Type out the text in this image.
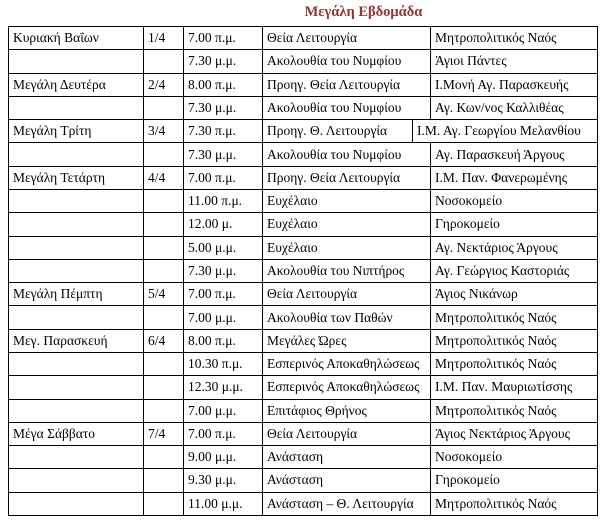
Μεγάλη Εβδομάδα
Κυριακή Βαΐων	1/4	7.00 π.μ.	Θεία Λειτουργία		Μητροπολιτικός Ναός
		7.30 μ.μ.	Ακολουθία του Νυμφίου		Άγιοι Πάντες
Μεγάλη Δευτέρα	2/4	8.00 π.μ.	Προηγ. Θεία Λειτουργία		Ι.Μονή Αγ. Παρασκευής
		7.30 μ.μ.	Ακολουθία του Νυμφίου		Αγ. Κων/νος Καλλιθέας
Μεγάλη Τρίτη	3/4	7.30 π.μ.	Προηγ. Θ. Λειτουργία	Ι.Μ. Αγ. Γεωργίου Μελανθίου	
		7.30 μ.μ.	Ακολουθία του Νυμφίου		Αγ. Παρασκευή Άργους
Μεγάλη Τετάρτη	4/4	7.00 π.μ.	Προηγ. Θεία Λειτουργία		Ι.Μ. Παν. Φανερωμένης
		11.00 π.μ.	Ευχέλαιο		Νοσοκομείο
		12.00 μ.	Ευχέλαιο		Γηροκομείο
		5.00 μ.μ.	Ευχέλαιο		Αγ. Νεκτάριος Άργους
		7.30 μ.μ.	Ακολουθία του Νιπτήρος		Αγ. Γεώργιος Καστοριάς
Μεγάλη Πέμπτη	5/4	7.00 π.μ.	Θεία Λειτουργία		Άγιος Νικάνωρ
		7.00 μ.μ.	Ακολουθία των Παθών		Μητροπολιτικός Ναός
Μεγ. Παρασκευή	6/4	8.00 π.μ.	Μεγάλες Ώρες		Μητροπολιτικός Ναός
		10.30 π.μ.	Εσπερινός Αποκαθηλώσεως		Μητροπολιτικός Ναός
		12.30 μ.μ.	Εσπερινός Αποκαθηλώσεως		Ι.Μ. Παν. Μαυριωτίσσης
		7.00 μ.μ.	Επιτάφιος Θρήνος		Μητροπολιτικός Ναός
Μέγα Σάββατο	7/4	7.00 π.μ.	Θεία Λειτουργία		Άγιος Νεκτάριος Άργους
		9.00 μ.μ.	Ανάσταση		Νοσοκομείο
		9.30 μ.μ.	Ανάσταση		Γηροκομείο
		11.00 μ.μ.	Ανάσταση – Θ. Λειτουργία		Μητροπολιτικός Ναός
